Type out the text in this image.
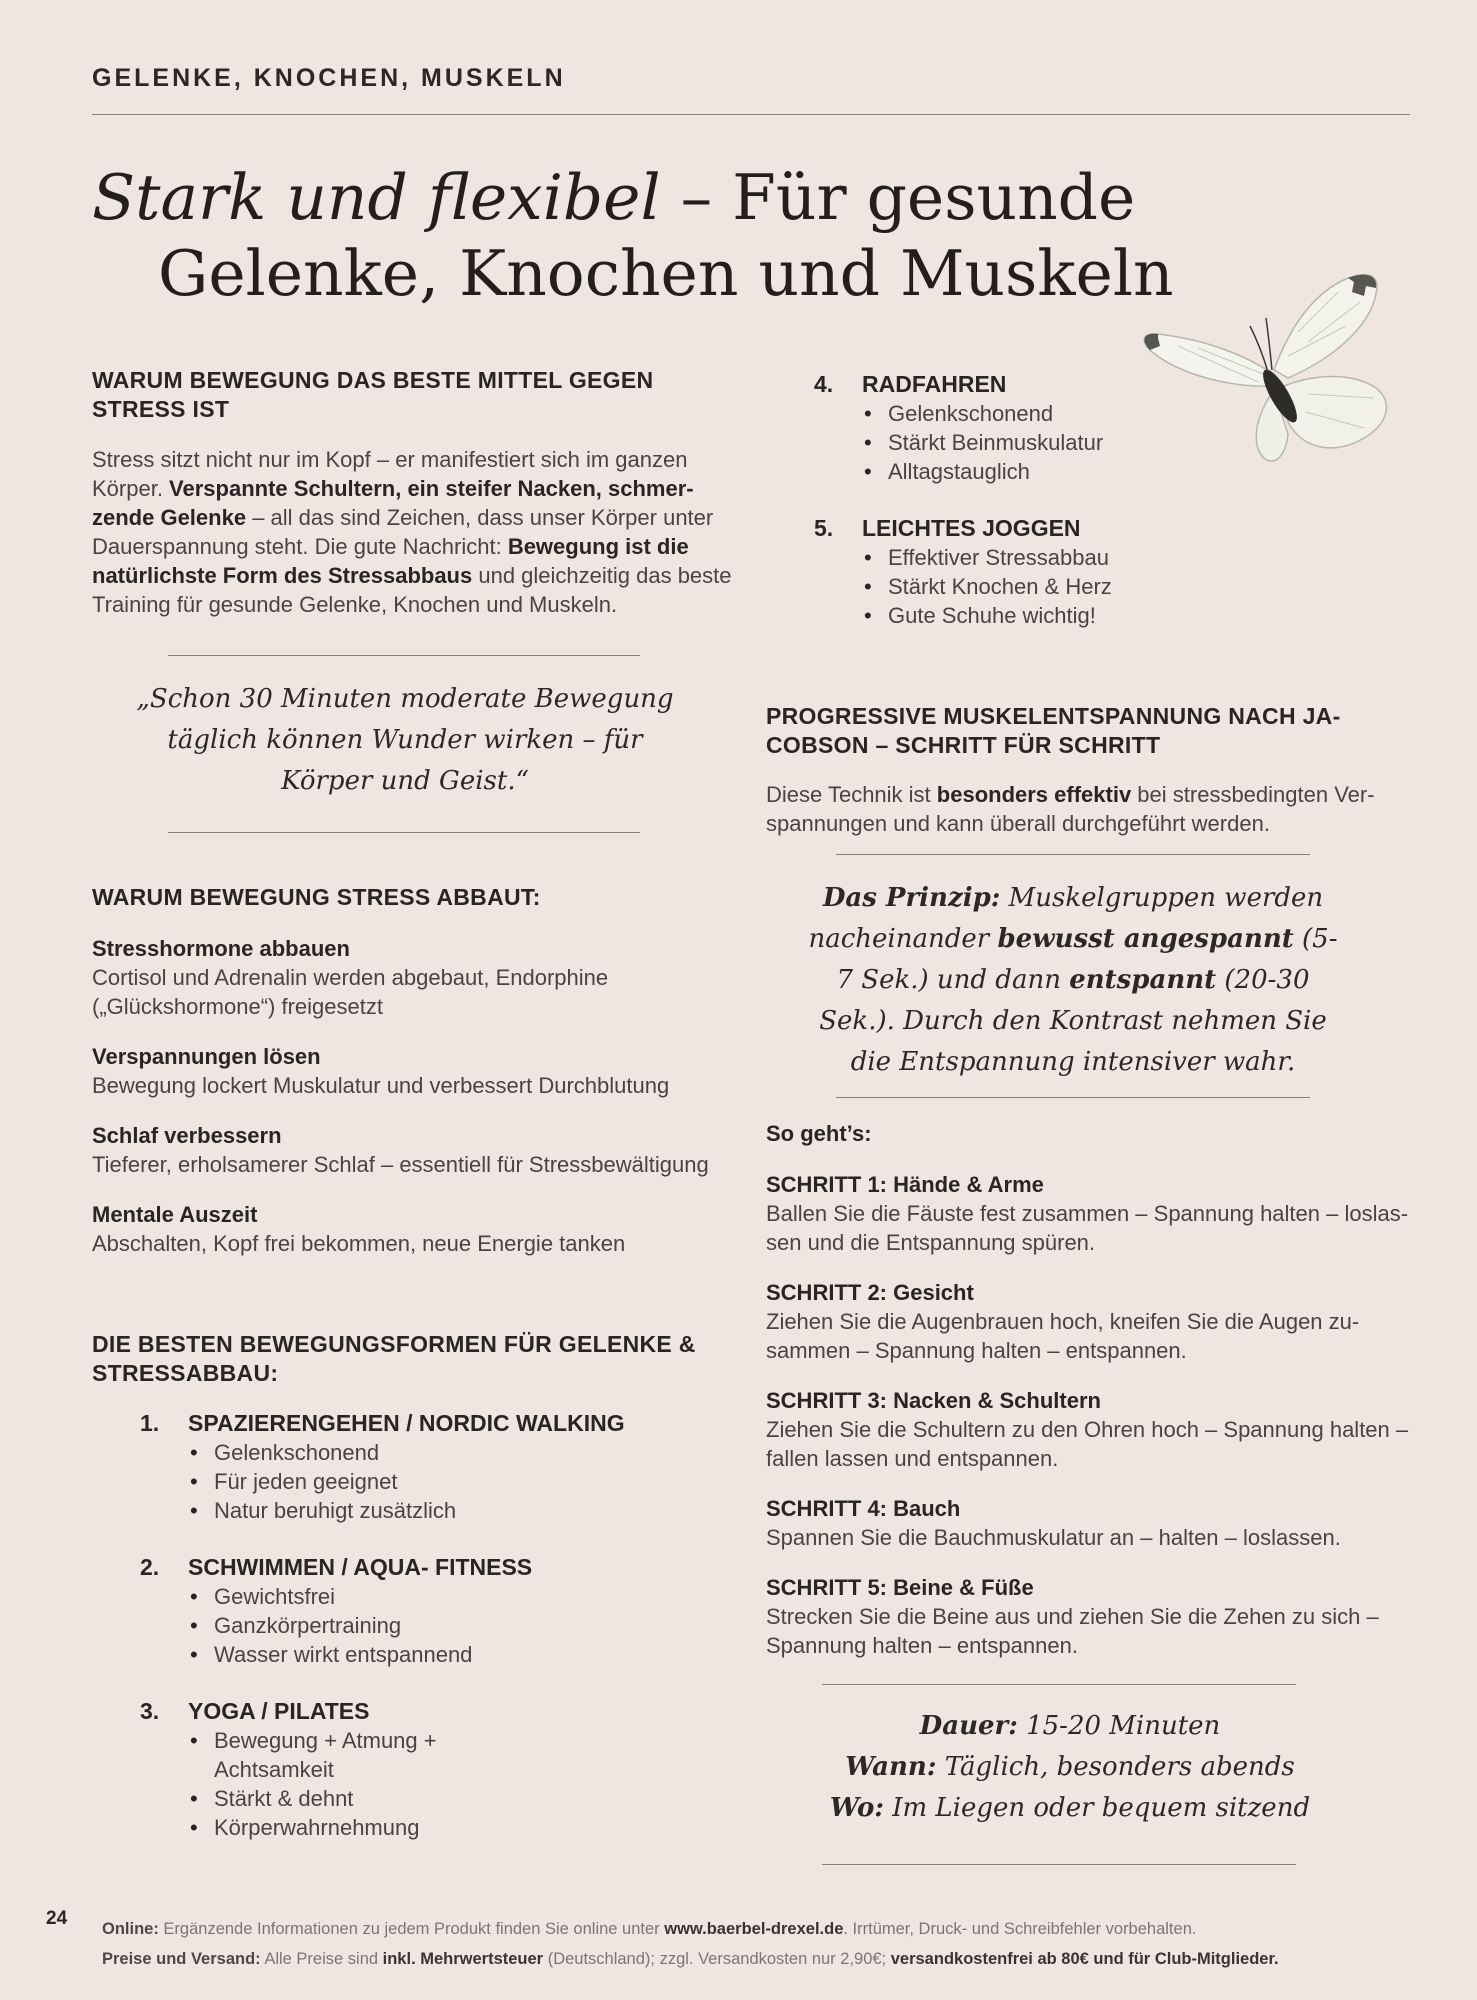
GELENKE, KNOCHEN, MUSKELN
Stark und flexibel – Für gesunde
Gelenke, Knochen und Muskeln
WARUM BEWEGUNG DAS BESTE MITTEL GEGEN STRESS IST
Stress sitzt nicht nur im Kopf – er manifestiert sich im ganzen Körper. Verspannte Schultern, ein steifer Nacken, schmerzende Gelenke – all das sind Zeichen, dass unser Körper unter Dauerspannung steht. Die gute Nachricht: Bewegung ist die natürlichste Form des Stressabbaus und gleichzeitig das beste Training für gesunde Gelenke, Knochen und Muskeln.
„Schon 30 Minuten moderate Bewegung täglich können Wunder wirken – für Körper und Geist.“
WARUM BEWEGUNG STRESS ABBAUT:
Stresshormone abbauen
Cortisol und Adrenalin werden abgebaut, Endorphine („Glückshormone“) freigesetzt
Verspannungen lösen
Bewegung lockert Muskulatur und verbessert Durchblutung
Schlaf verbessern
Tieferer, erholsamerer Schlaf – essentiell für Stressbewältigung
Mentale Auszeit
Abschalten, Kopf frei bekommen, neue Energie tanken
DIE BESTEN BEWEGUNGSFORMEN FÜR GELENKE & STRESSABBAU:
1.	SPAZIERENGEHEN / NORDIC WALKING
• Gelenkschonend
• Für jeden geeignet
• Natur beruhigt zusätzlich
2.	SCHWIMMEN / AQUA- FITNESS
• Gewichtsfrei
• Ganzkörpertraining
• Wasser wirkt entspannend
3.	YOGA / PILATES
• Bewegung + Atmung + Achtsamkeit
• Stärkt & dehnt
• Körperwahrnehmung
4.	RADFAHREN
• Gelenkschonend
• Stärkt Beinmuskulatur
• Alltagstauglich
5.	LEICHTES JOGGEN
• Effektiver Stressabbau
• Stärkt Knochen & Herz
• Gute Schuhe wichtig!
PROGRESSIVE MUSKELENTSPANNUNG NACH JACOBSON – SCHRITT FÜR SCHRITT
Diese Technik ist besonders effektiv bei stressbedingten Verspannungen und kann überall durchgeführt werden.
Das Prinzip: Muskelgruppen werden nacheinander bewusst angespannt (5-7 Sek.) und dann entspannt (20-30 Sek.). Durch den Kontrast nehmen Sie die Entspannung intensiver wahr.
So geht’s:
SCHRITT 1: Hände & Arme
Ballen Sie die Fäuste fest zusammen – Spannung halten – loslassen und die Entspannung spüren.
SCHRITT 2: Gesicht
Ziehen Sie die Augenbrauen hoch, kneifen Sie die Augen zusammen – Spannung halten – entspannen.
SCHRITT 3: Nacken & Schultern
Ziehen Sie die Schultern zu den Ohren hoch – Spannung halten – fallen lassen und entspannen.
SCHRITT 4: Bauch
Spannen Sie die Bauchmuskulatur an – halten – loslassen.
SCHRITT 5: Beine & Füße
Strecken Sie die Beine aus und ziehen Sie die Zehen zu sich – Spannung halten – entspannen.
Dauer: 15-20 Minuten
Wann: Täglich, besonders abends
Wo: Im Liegen oder bequem sitzend
24 Online: Ergänzende Informationen zu jedem Produkt finden Sie online unter www.baerbel-drexel.de. Irrtümer, Druck- und Schreibfehler vorbehalten.
Preise und Versand: Alle Preise sind inkl. Mehrwertsteuer (Deutschland); zzgl. Versandkosten nur 2,90€; versandkostenfrei ab 80€ und für Club-Mitglieder.
